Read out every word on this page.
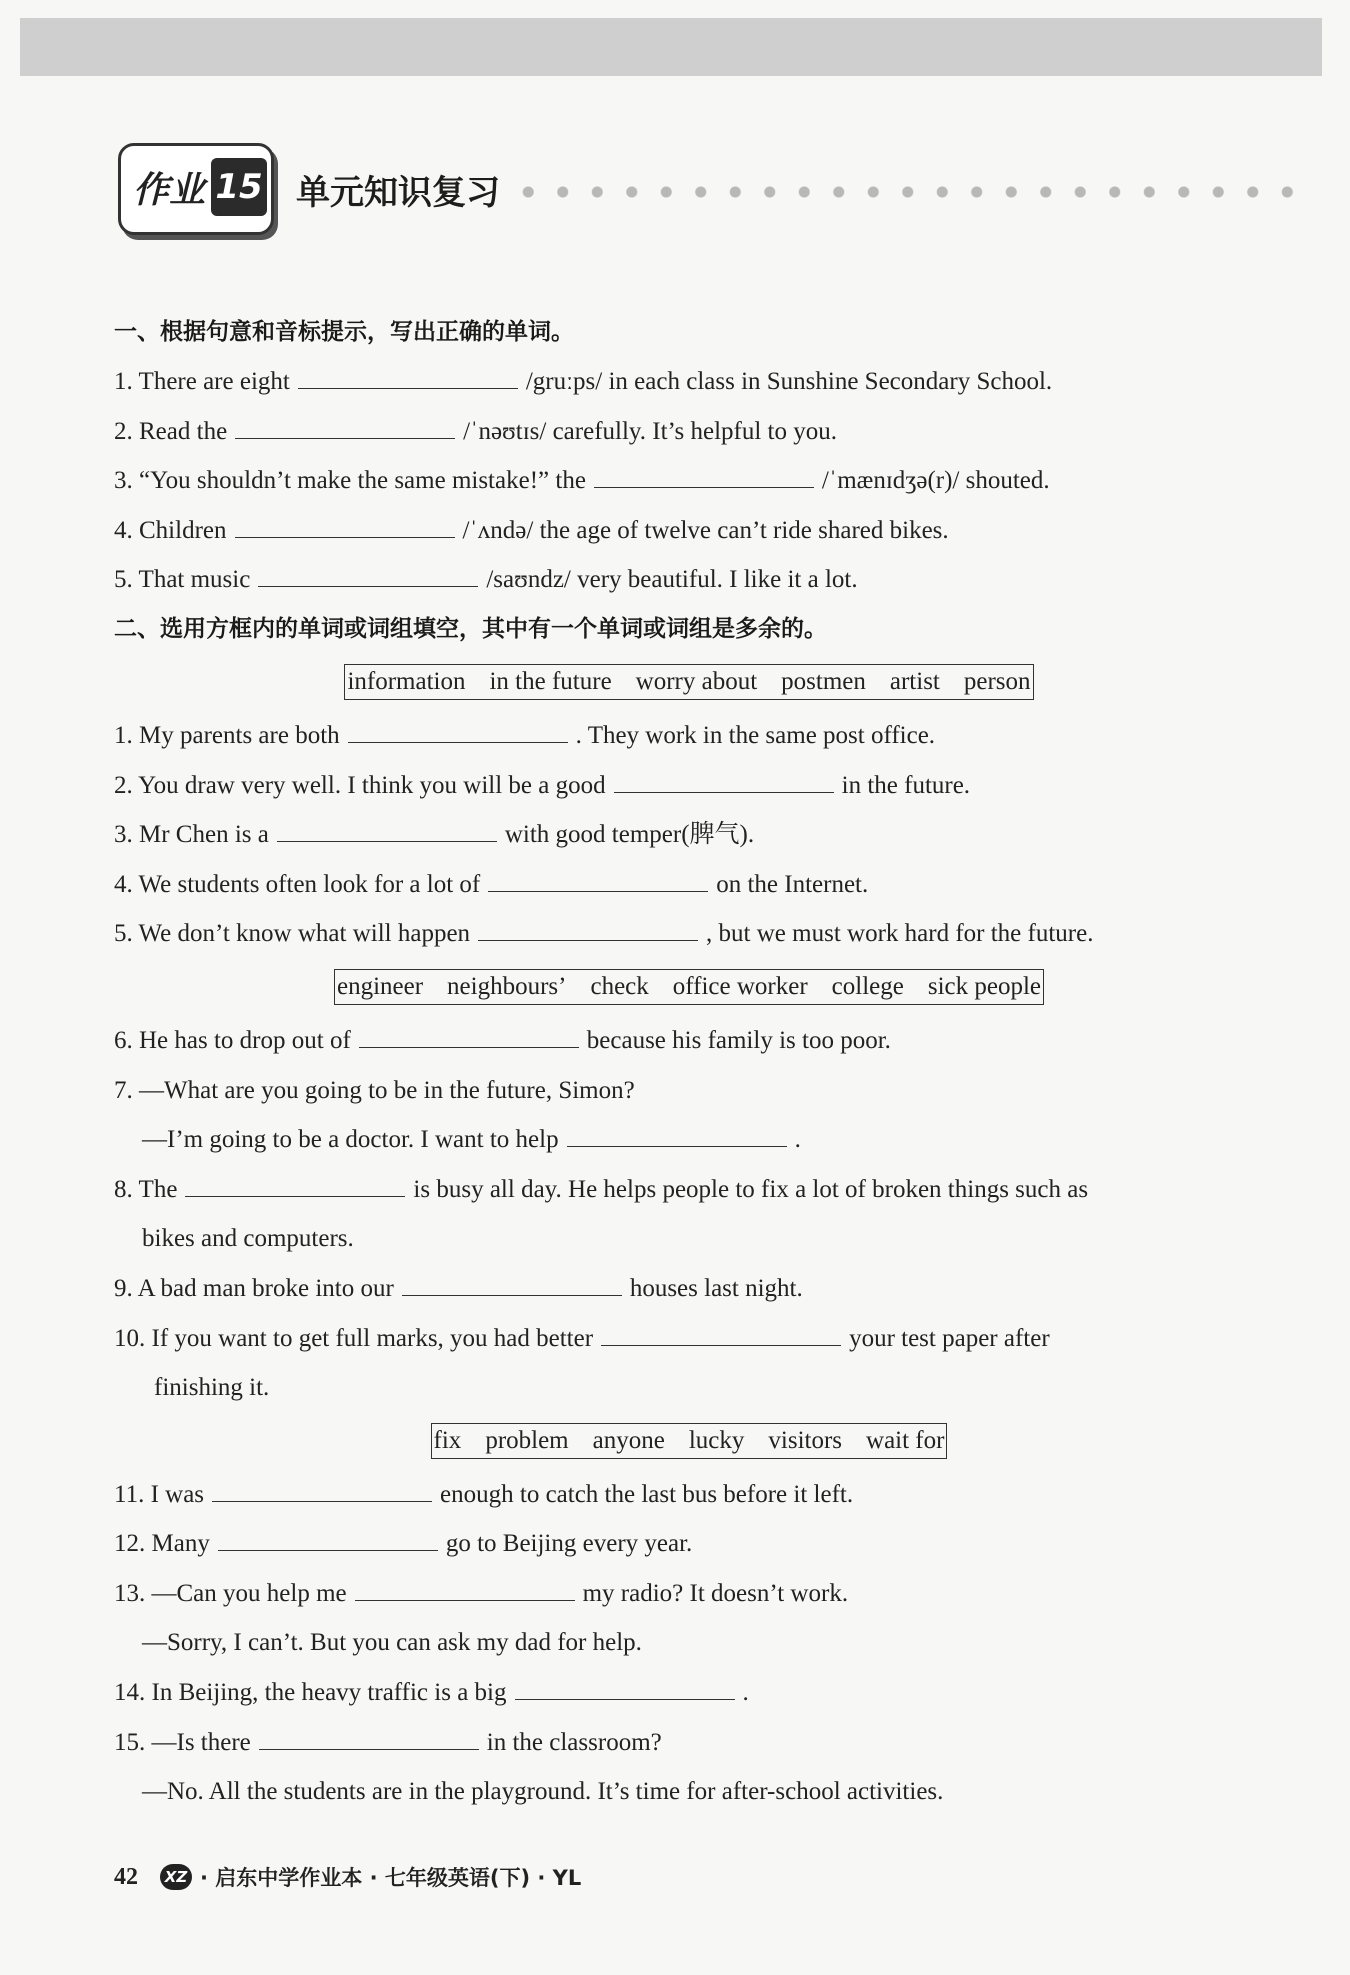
作业 15 单元知识复习
一、根据句意和音标提示，写出正确的单词。
1. There are eight	/gruːps/ in each class in Sunshine Secondary School.
2. Read the	/ˈnəʊtɪs/ carefully. It’s helpful to you.
3. “You shouldn’t make the same mistake!” the	/ˈmænɪdʒə(r)/ shouted.
4. Children	/ˈʌndə/ the age of twelve can’t ride shared bikes.
5. That music	/saʊndz/ very beautiful. I like it a lot.
二、选用方框内的单词或词组填空，其中有一个单词或词组是多余的。
information in the future worry about postmen artist person
1. My parents are both	. They work in the same post office.
2. You draw very well. I think you will be a good	in the future.
3. Mr Chen is a	with good temper(脾气).
4. We students often look for a lot of	on the Internet.
5. We don’t know what will happen	, but we must work hard for the future.
engineer neighbours’ check office worker college sick people
6. He has to drop out of	because his family is too poor.
7. —What are you going to be in the future, Simon?
—I’m going to be a doctor. I want to help	.
8. The	is busy all day. He helps people to fix a lot of broken things such as
bikes and computers.
9. A bad man broke into our	houses last night.
10. If you want to get full marks, you had better	your test paper after
finishing it.
fix problem anyone lucky visitors wait for
11. I was	enough to catch the last bus before it left.
12. Many	go to Beijing every year.
13. —Can you help me	my radio? It doesn’t work.
—Sorry, I can’t. But you can ask my dad for help.
14. In Beijing, the heavy traffic is a big	.
15. —Is there	in the classroom?
—No. All the students are in the playground. It’s time for after-school activities.
42	XZ · 启东中学作业本 · 七年级英语(下) · YL
